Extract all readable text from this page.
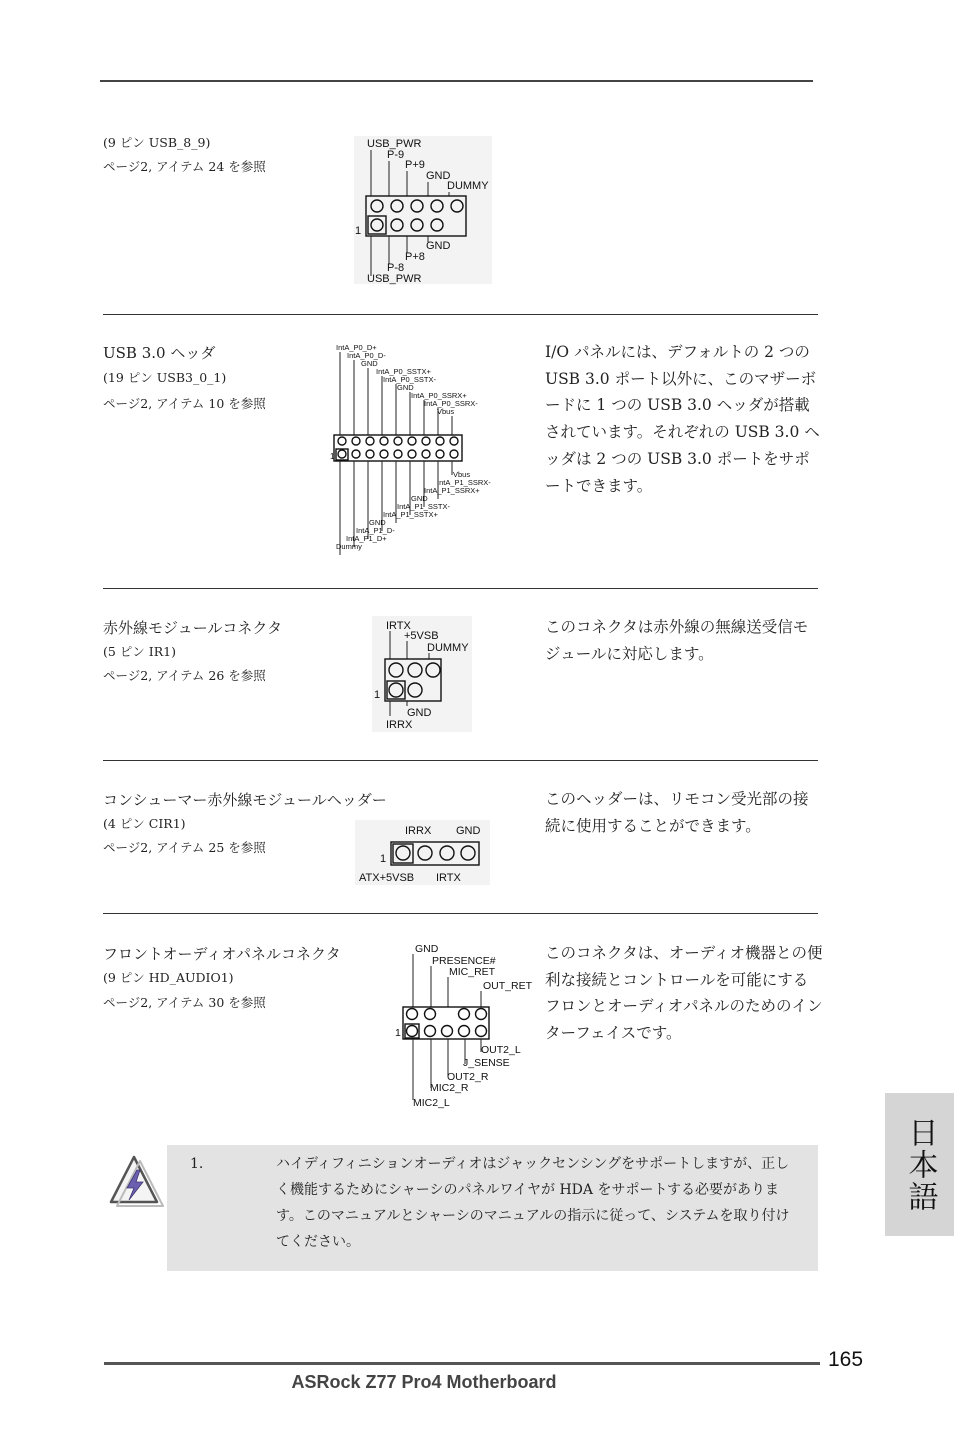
(9 ピン USB_8_9)
ページ2, アイテム 24 を参照
USB_PWR
P-9
P+9
GND
DUMMY
1
GND
P+8
P-8
USB_PWR
USB 3.0 ヘッダ
(19 ピン USB3_0_1)
ページ2, アイテム 10 を参照
I/O パネルには、デフォルトの 2 つの USB 3.0 ポート以外に、このマザーボードに 1 つの USB 3.0 ヘッダが搭載されています。それぞれの USB 3.0 ヘッダは 2 つの USB 3.0 ポートをサポートできます。
IntA_P0_D+
IntA_P0_D-
GND
IntA_P0_SSTX+
IntA_P0_SSTX-
GND
IntA_P0_SSRX+
IntA_P0_SSRX-
Vbus
1
Vbus
IntA_P1_SSRX-
IntA_P1_SSRX+
GND
IntA_P1_SSTX-
IntA_P1_SSTX+
GND
IntA_P1_D-
IntA_P1_D+
Dummy
赤外線モジュールコネクタ
(5 ピン IR1)
ページ2, アイテム 26 を参照
このコネクタは赤外線の無線送受信モジュールに対応します。
IRTX
+5VSB
DUMMY
1
GND
IRRX
コンシューマー赤外線モジュールヘッダー
(4 ピン CIR1)
ページ2, アイテム 25 を参照
このヘッダーは、リモコン受光部の接続に使用することができます。
IRRX GND
1
ATX+5VSB IRTX
フロントオーディオパネルコネクタ
(9 ピン HD_AUDIO1)
ページ2, アイテム 30 を参照
このコネクタは、オーディオ機器との便利な接続とコントロールを可能にするフロンとオーディオパネルのためのインターフェイスです。
GND
PRESENCE#
MIC_RET
OUT_RET
1
OUT2_L
J_SENSE
OUT2_R
MIC2_R
MIC2_L
1.	ハイディフィニションオーディオはジャックセンシングをサポートしますが、正しく機能するためにシャーシのパネルワイヤが HDA をサポートする必要があります。このマニュアルとシャーシのマニュアルの指示に従って、システムを取り付けてください。
日本語
165
ASRock Z77 Pro4 Motherboard
